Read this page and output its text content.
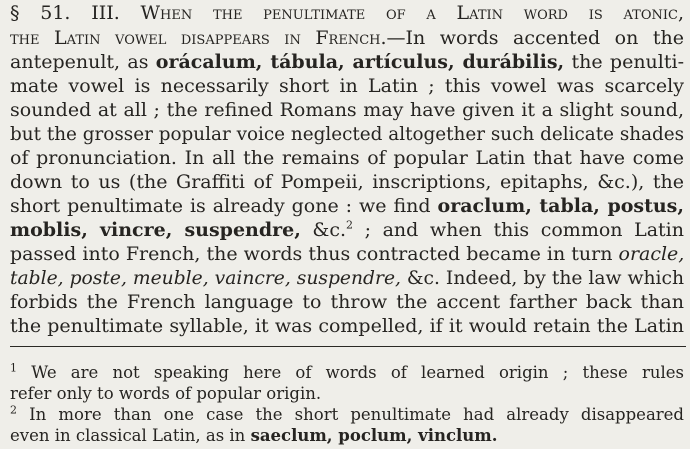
§ 51. III. When the penultimate of a Latin word is atonic,
the Latin vowel disappears in French.—In words accented on the
antepenult, as orácalum, tábula, artículus, durábilis, the penulti-
mate vowel is necessarily short in Latin ; this vowel was scarcely
sounded at all ; the refined Romans may have given it a slight sound,
but the grosser popular voice neglected altogether such delicate shades
of pronunciation. In all the remains of popular Latin that have come
down to us (the Graffiti of Pompeii, inscriptions, epitaphs, &c.), the
short penultimate is already gone : we find oraclum, tabla, postus,
moblis, vincre, suspendre, &c.$^2$ ; and when this common Latin
passed into French, the words thus contracted became in turn oracle,
table, poste, meuble, vaincre, suspendre, &c. Indeed, by the law which
forbids the French language to throw the accent farther back than
the penultimate syllable, it was compelled, if it would retain the Latin
$^1$ We are not speaking here of words of learned origin ; these rules
refer only to words of popular origin.
$^2$ In more than one case the short penultimate had already disappeared
even in classical Latin, as in saeclum, poclum, vinclum.
